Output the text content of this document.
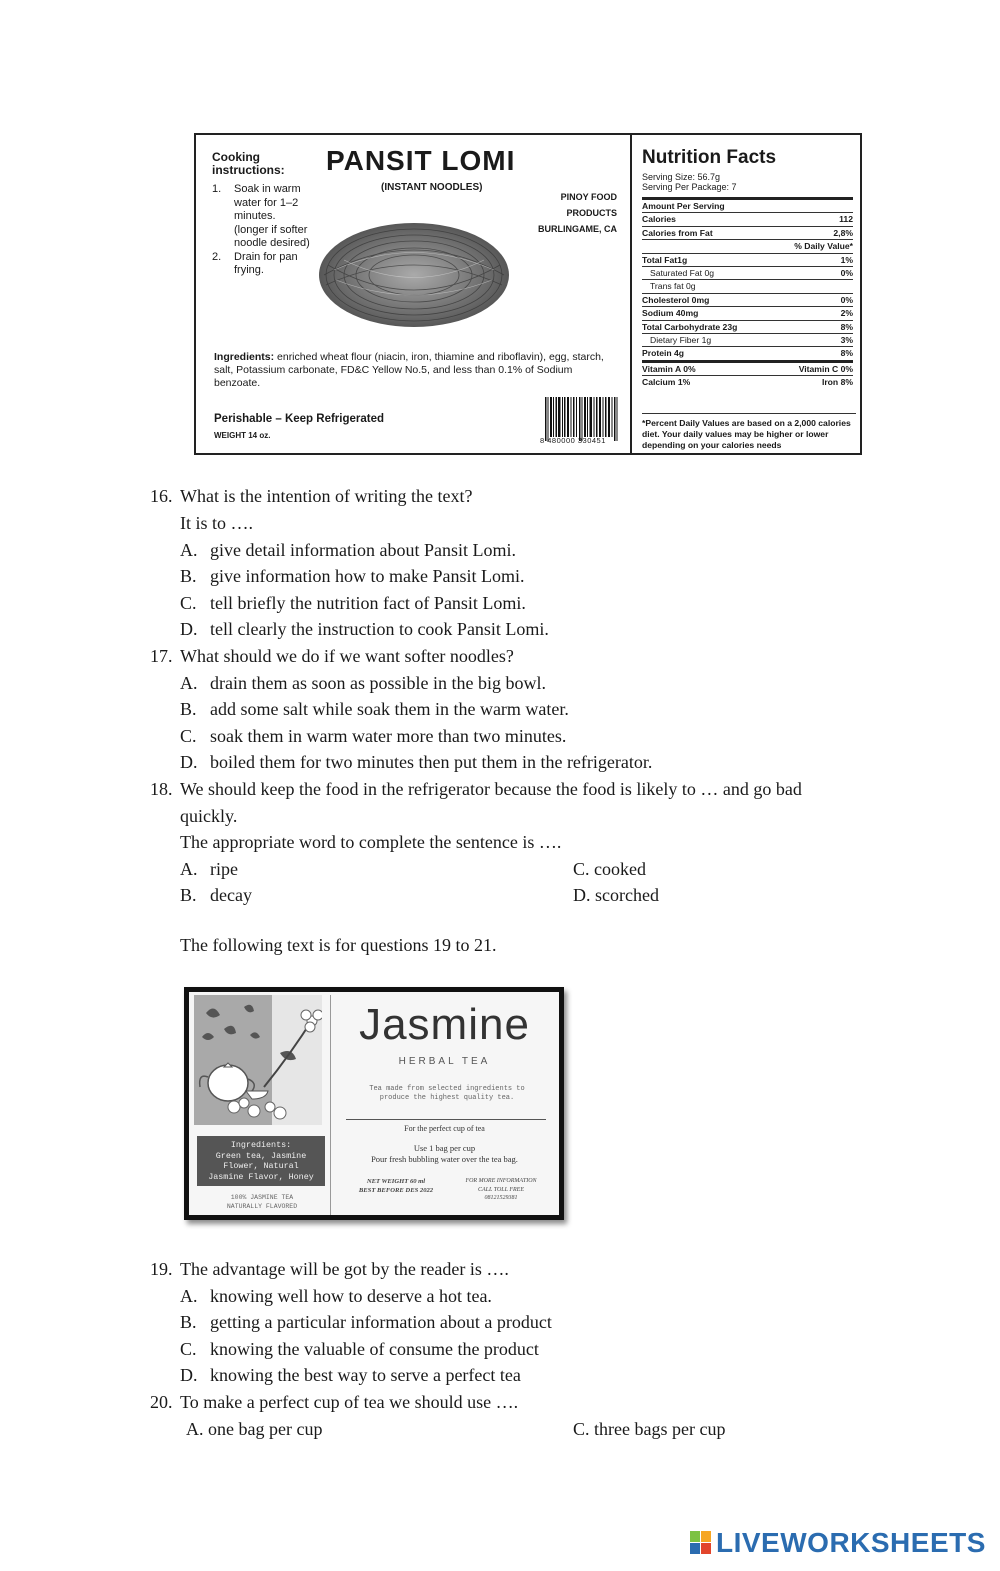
Cooking instructions:
1. Soak in warm water for 1–2 minutes. (longer if softer noodle desired)
2. Drain for pan frying.
PANSIT LOMI
(INSTANT NOODLES)
PINOY FOOD PRODUCTS
BURLINGAME, CA
Ingredients: enriched wheat flour (niacin, iron, thiamine and riboflavin), egg, starch, salt, Potassium carbonate, FD&C Yellow No.5, and less than 0.1% of Sodium benzoate.
Perishable – Keep Refrigerated
WEIGHT 14 oz.
8 480000 330451
Nutrition Facts
Serving Size: 56.7g
Serving Per Package: 7
Amount Per Serving
Calories	112
Calories from Fat	2,8%
% Daily Value*
Total Fat1g	1%
Saturated Fat 0g	0%
Trans fat 0g
Cholesterol 0mg	0%
Sodium 40mg	2%
Total Carbohydrate 23g	8%
Dietary Fiber 1g	3%
Protein 4g	8%
Vitamin A 0%	Vitamin C 0%
Calcium 1%	Iron 8%
*Percent Daily Values are based on a 2,000 calories diet. Your daily values may be higher or lower depending on your calories needs
16. What is the intention of writing the text?
It is to ….
A. give detail information about Pansit Lomi.
B. give information how to make Pansit Lomi.
C. tell briefly the nutrition fact of Pansit Lomi.
D. tell clearly the instruction to cook Pansit Lomi.
17. What should we do if we want softer noodles?
A. drain them as soon as possible in the big bowl.
B. add some salt while soak them in the warm water.
C. soak them in warm water more than two minutes.
D. boiled them for two minutes then put them in the refrigerator.
18. We should keep the food in the refrigerator because the food is likely to … and go bad
quickly.
The appropriate word to complete the sentence is ….
A. ripe	C. cooked
B. decay	D. scorched
The following text is for questions 19 to 21.
Ingredients:
Green tea, Jasmine
Flower, Natural
Jasmine Flavor, Honey
100% JASMINE TEA
NATURALLY FLAVORED
Jasmine
HERBAL TEA
Tea made from selected ingredients to produce the highest quality tea.
For the perfect cup of tea
Use 1 bag per cup
Pour fresh bubbling water over the tea bag.
NET WEIGHT 60 ml
BEST BEFORE DES 2022
FOR MORE INFORMATION
CALL TOLL FREE
08121529381
19. The advantage will be got by the reader is ….
A. knowing well how to deserve a hot tea.
B. getting a particular information about a product
C. knowing the valuable of consume the product
D. knowing the best way to serve a perfect tea
20. To make a perfect cup of tea we should use ….
A. one bag per cup	C. three bags per cup
LIVEWORKSHEETS
